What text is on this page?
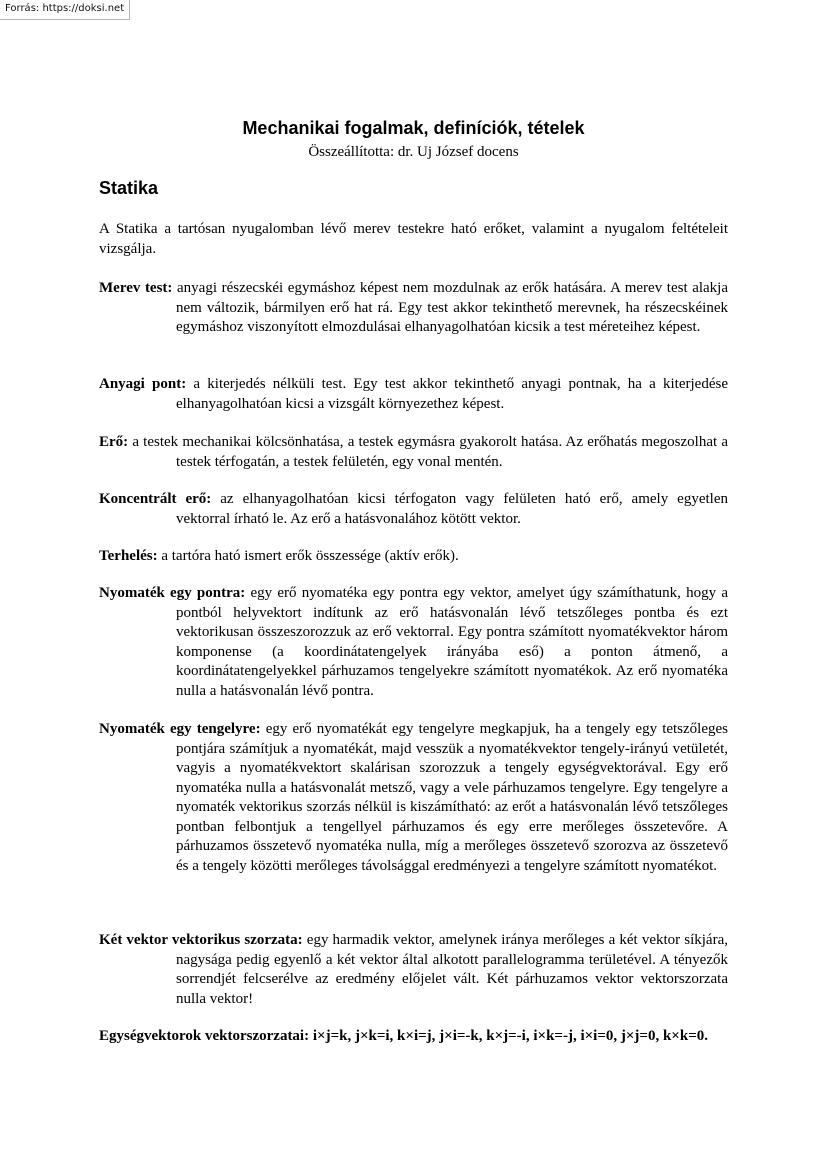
Forrás: https://doksi.net
Mechanikai fogalmak, definíciók, tételek
Összeállította: dr. Uj József docens
Statika
A Statika a tartósan nyugalomban lévő merev testekre ható erőket, valamint a nyugalom feltételeit vizsgálja.
Merev test: anyagi részecskéi egymáshoz képest nem mozdulnak az erők hatására. A merev test alakja nem változik, bármilyen erő hat rá. Egy test akkor tekinthető merevnek, ha részecskéinek egymáshoz viszonyított elmozdulásai elhanyagolhatóan kicsik a test méreteihez képest.
Anyagi pont: a kiterjedés nélküli test. Egy test akkor tekinthető anyagi pontnak, ha a kiterjedése elhanyagolhatóan kicsi a vizsgált környezethez képest.
Erő: a testek mechanikai kölcsönhatása, a testek egymásra gyakorolt hatása. Az erőhatás megoszolhat a testek térfogatán, a testek felületén, egy vonal mentén.
Koncentrált erő: az elhanyagolhatóan kicsi térfogaton vagy felületen ható erő, amely egyetlen vektorral írható le. Az erő a hatásvonalához kötött vektor.
Terhelés: a tartóra ható ismert erők összessége (aktív erők).
Nyomaték egy pontra: egy erő nyomatéka egy pontra egy vektor, amelyet úgy számíthatunk, hogy a pontból helyvektort indítunk az erő hatásvonalán lévő tetszőleges pontba és ezt vektorikusan összeszorozzuk az erő vektorral. Egy pontra számított nyomatékvektor három komponense (a koordinátatengelyek irányába eső) a ponton átmenő, a koordinátatengelyekkel párhuzamos tengelyekre számított nyomatékok. Az erő nyomatéka nulla a hatásvonalán lévő pontra.
Nyomaték egy tengelyre: egy erő nyomatékát egy tengelyre megkapjuk, ha a tengely egy tetszőleges pontjára számítjuk a nyomatékát, majd vesszük a nyomatékvektor tengely-irányú vetületét, vagyis a nyomatékvektort skalárisan szorozzuk a tengely egységvektorával. Egy erő nyomatéka nulla a hatásvonalát metsző, vagy a vele párhuzamos tengelyre. Egy tengelyre a nyomaték vektorikus szorzás nélkül is kiszámítható: az erőt a hatásvonalán lévő tetszőleges pontban felbontjuk a tengellyel párhuzamos és egy erre merőleges összetevőre. A párhuzamos összetevő nyomatéka nulla, míg a merőleges összetevő szorozva az összetevő és a tengely közötti merőleges távolsággal eredményezi a tengelyre számított nyomatékot.
Két vektor vektorikus szorzata: egy harmadik vektor, amelynek iránya merőleges a két vektor síkjára, nagysága pedig egyenlő a két vektor által alkotott parallelogramma területével. A tényezők sorrendjét felcserélve az eredmény előjelet vált. Két párhuzamos vektor vektorszorzata nulla vektor!
Egységvektorok vektorszorzatai: i×j=k, j×k=i, k×i=j, j×i=-k, k×j=-i, i×k=-j, i×i=0, j×j=0, k×k=0.
